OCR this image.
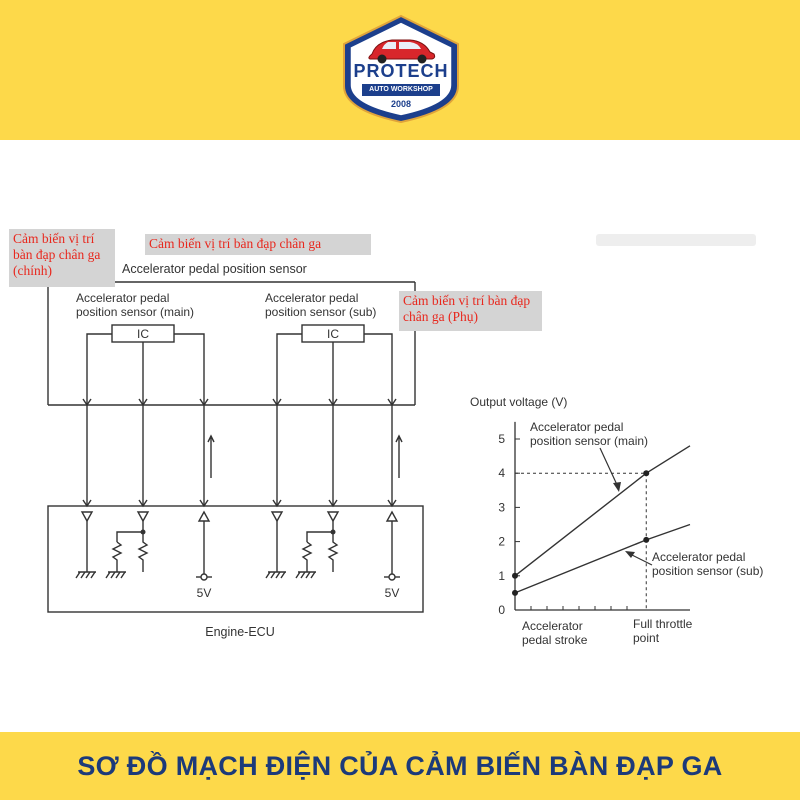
PROTECH
AUTO WORKSHOP
2008
IC	IC
Accelerator pedal position sensor
Accelerator pedal
position sensor (main)
Accelerator pedal
position sensor (sub)
5V	5V
Engine-ECU
Cảm biến vị trí bàn đạp chân ga (chính)
Cảm biến vị trí bàn đạp chân ga
Cảm biến vị trí bàn đạp chân ga (Phụ)
Output voltage (V)
0
1
2
3
4
5
Accelerator pedal
position sensor (main)
Accelerator pedal
position sensor (sub)
Accelerator
pedal stroke
Full throttle
point
SƠ ĐỒ MẠCH ĐIỆN CỦA CẢM BIẾN BÀN ĐẠP GA
